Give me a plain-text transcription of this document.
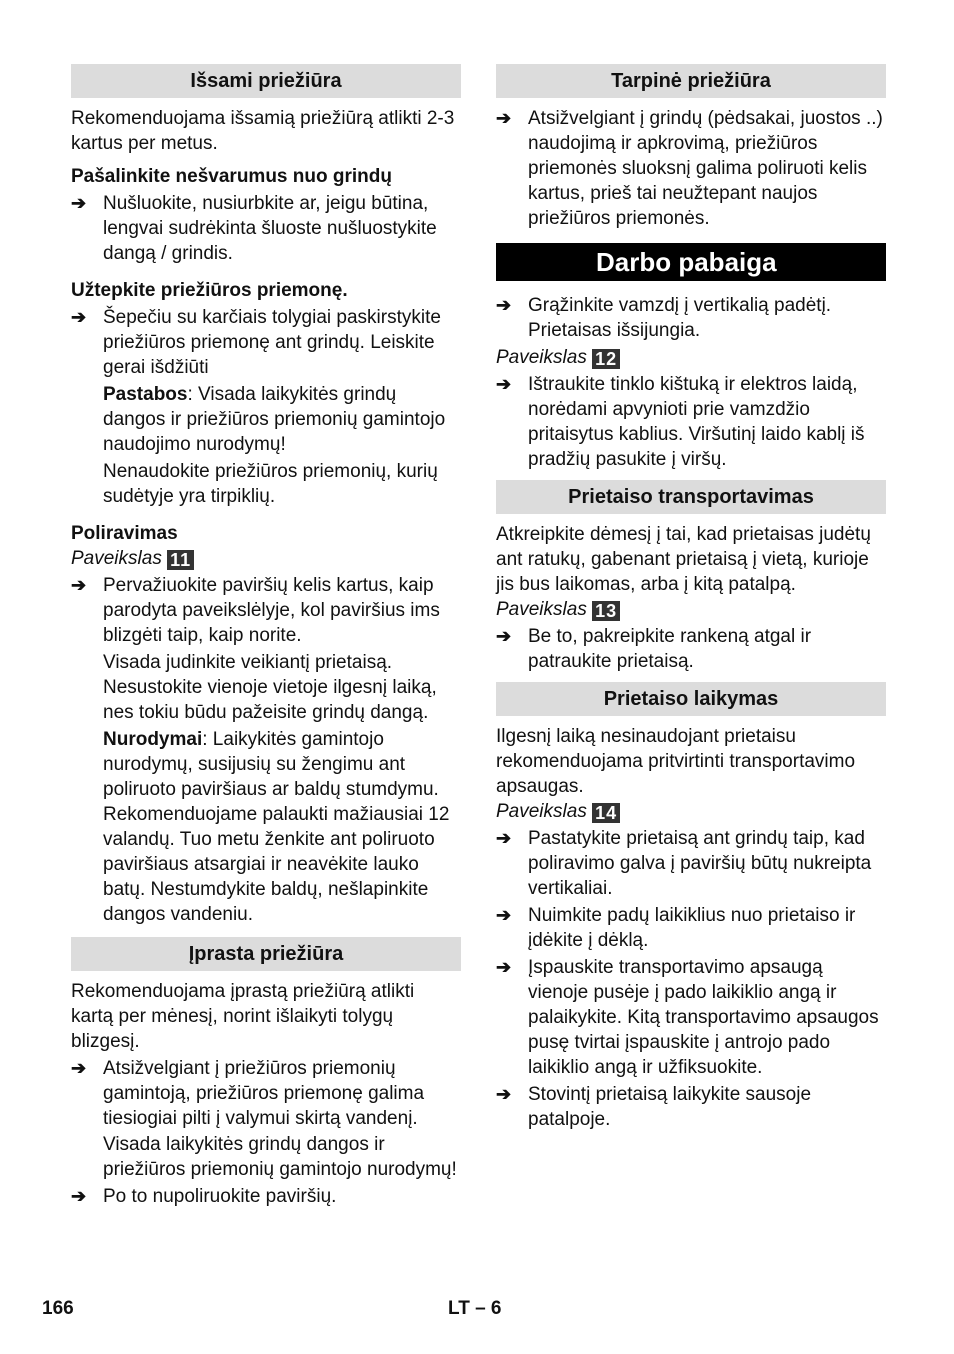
Išsami priežiūra
Rekomenduojama išsamią priežiūrą atlikti 2-3 kartus per metus.
Pašalinkite nešvarumus nuo grindų
➔ Nušluokite, nusiurbkite ar, jeigu būtina, lengvai sudrėkinta šluoste nušluostykite dangą / grindis.
Užtepkite priežiūros priemonę.
➔ Šepečiu su karčiais tolygiai paskirstykite priežiūros priemonę ant grindų. Leiskite gerai išdžiūti
Pastabos: Visada laikykitės grindų dangos ir priežiūros priemonių gamintojo naudojimo nurodymų!
Nenaudokite priežiūros priemonių, kurių sudėtyje yra tirpiklių.
Poliravimas
Paveikslas 11
➔ Pervažiuokite paviršių kelis kartus, kaip parodyta paveikslėlyje, kol paviršius ims blizgėti taip, kaip norite.
Visada judinkite veikiantį prietaisą. Nesustokite vienoje vietoje ilgesnį laiką, nes tokiu būdu pažeisite grindų dangą.
Nurodymai: Laikykitės gamintojo nurodymų, susijusių su žengimu ant poliruoto paviršiaus ar baldų stumdymu. Rekomenduojame palaukti mažiausiai 12 valandų. Tuo metu ženkite ant poliruoto paviršiaus atsargiai ir neavėkite lauko batų. Nestumdykite baldų, nešlapinkite dangos vandeniu.
Įprasta priežiūra
Rekomenduojama įprastą priežiūrą atlikti kartą per mėnesį, norint išlaikyti tolygų blizgesį.
➔ Atsižvelgiant į priežiūros priemonių gamintoją, priežiūros priemonę galima tiesiogiai pilti į valymui skirtą vandenį.
Visada laikykitės grindų dangos ir priežiūros priemonių gamintojo nurodymų!
➔ Po to nupoliruokite paviršių.
Tarpinė priežiūra
➔ Atsižvelgiant į grindų (pėdsakai, juostos ..) naudojimą ir apkrovimą, priežiūros priemonės sluoksnį galima poliruoti kelis kartus, prieš tai neužtepant naujos priežiūros priemonės.
Darbo pabaiga
➔ Grąžinkite vamzdį į vertikalią padėtį. Prietaisas išsijungia.
Paveikslas 12
➔ Ištraukite tinklo kištuką ir elektros laidą, norėdami apvynioti prie vamzdžio pritaisytus kablius. Viršutinį laido kablį iš pradžių pasukite į viršų.
Prietaiso transportavimas
Atkreipkite dėmesį į tai, kad prietaisas judėtų ant ratukų, gabenant prietaisą į vietą, kurioje jis bus laikomas, arba į kitą patalpą.
Paveikslas 13
➔ Be to, pakreipkite rankeną atgal ir patraukite prietaisą.
Prietaiso laikymas
Ilgesnį laiką nesinaudojant prietaisu rekomenduojama pritvirtinti transportavimo apsaugas.
Paveikslas 14
➔ Pastatykite prietaisą ant grindų taip, kad poliravimo galva į paviršių būtų nukreipta vertikaliai.
➔ Nuimkite padų laikiklius nuo prietaiso ir įdėkite į dėklą.
➔ Įspauskite transportavimo apsaugą vienoje pusėje į pado laikiklio angą ir palaikykite. Kitą transportavimo apsaugos pusę tvirtai įspauskite į antrojo pado laikiklio angą ir užfiksuokite.
➔ Stovintį prietaisą laikykite sausoje patalpoje.
166	LT – 6
